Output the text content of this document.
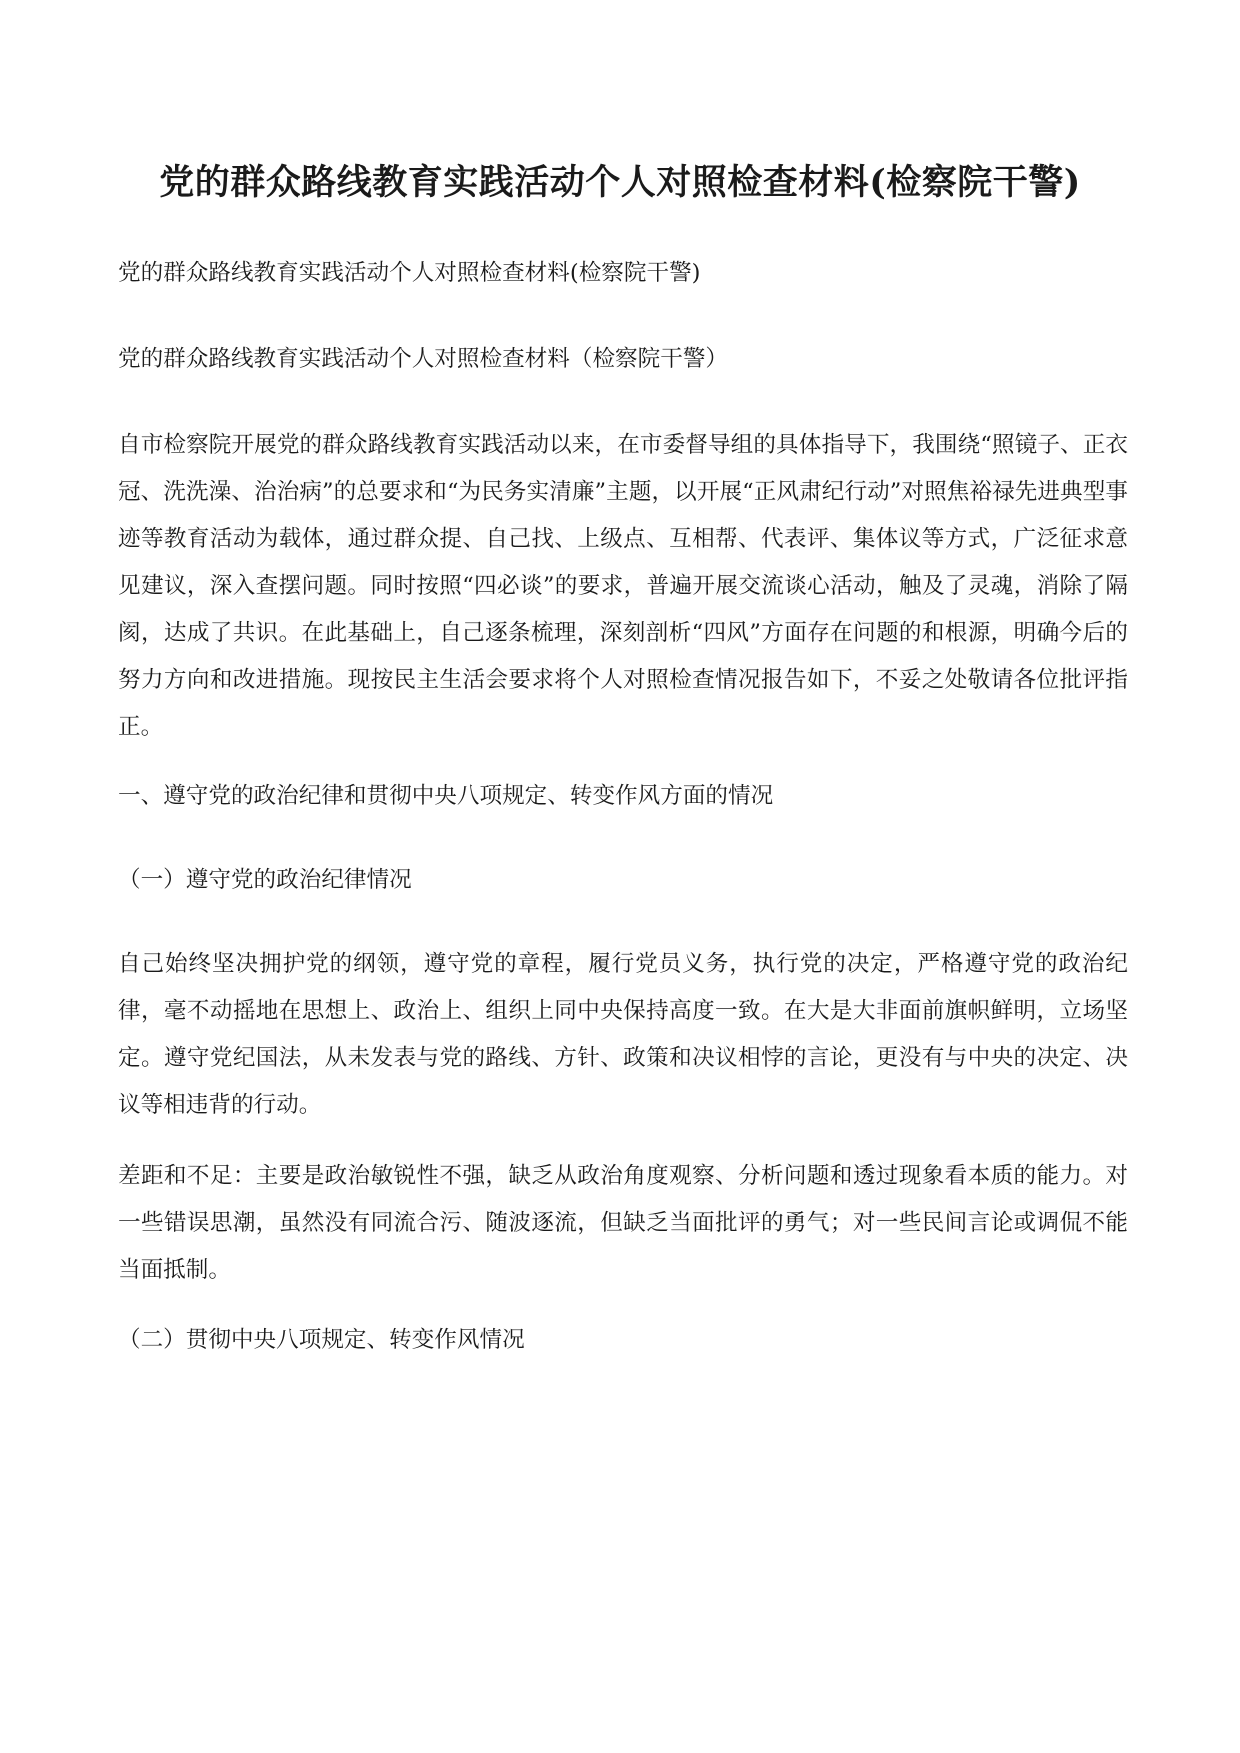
党的群众路线教育实践活动个人对照检查材料(检察院干警)

党的群众路线教育实践活动个人对照检查材料(检察院干警)

党的群众路线教育实践活动个人对照检查材料（检察院干警）

自市检察院开展党的群众路线教育实践活动以来，在市委督导组的具体指导下，我围绕“照镜子、正衣冠、洗洗澡、治治病”的总要求和“为民务实清廉”主题，以开展“正风肃纪行动”对照焦裕禄先进典型事迹等教育活动为载体，通过群众提、自己找、上级点、互相帮、代表评、集体议等方式，广泛征求意见建议，深入查摆问题。同时按照“四必谈”的要求，普遍开展交流谈心活动，触及了灵魂，消除了隔阂，达成了共识。在此基础上，自己逐条梳理，深刻剖析“四风”方面存在问题的和根源，明确今后的努力方向和改进措施。现按民主生活会要求将个人对照检查情况报告如下，不妥之处敬请各位批评指正。

一、遵守党的政治纪律和贯彻中央八项规定、转变作风方面的情况

（一）遵守党的政治纪律情况

自己始终坚决拥护党的纲领，遵守党的章程，履行党员义务，执行党的决定，严格遵守党的政治纪律，毫不动摇地在思想上、政治上、组织上同中央保持高度一致。在大是大非面前旗帜鲜明，立场坚定。遵守党纪国法，从未发表与党的路线、方针、政策和决议相悖的言论，更没有与中央的决定、决议等相违背的行动。

差距和不足：主要是政治敏锐性不强，缺乏从政治角度观察、分析问题和透过现象看本质的能力。对一些错误思潮，虽然没有同流合污、随波逐流，但缺乏当面批评的勇气；对一些民间言论或调侃不能当面抵制。

（二）贯彻中央八项规定、转变作风情况
